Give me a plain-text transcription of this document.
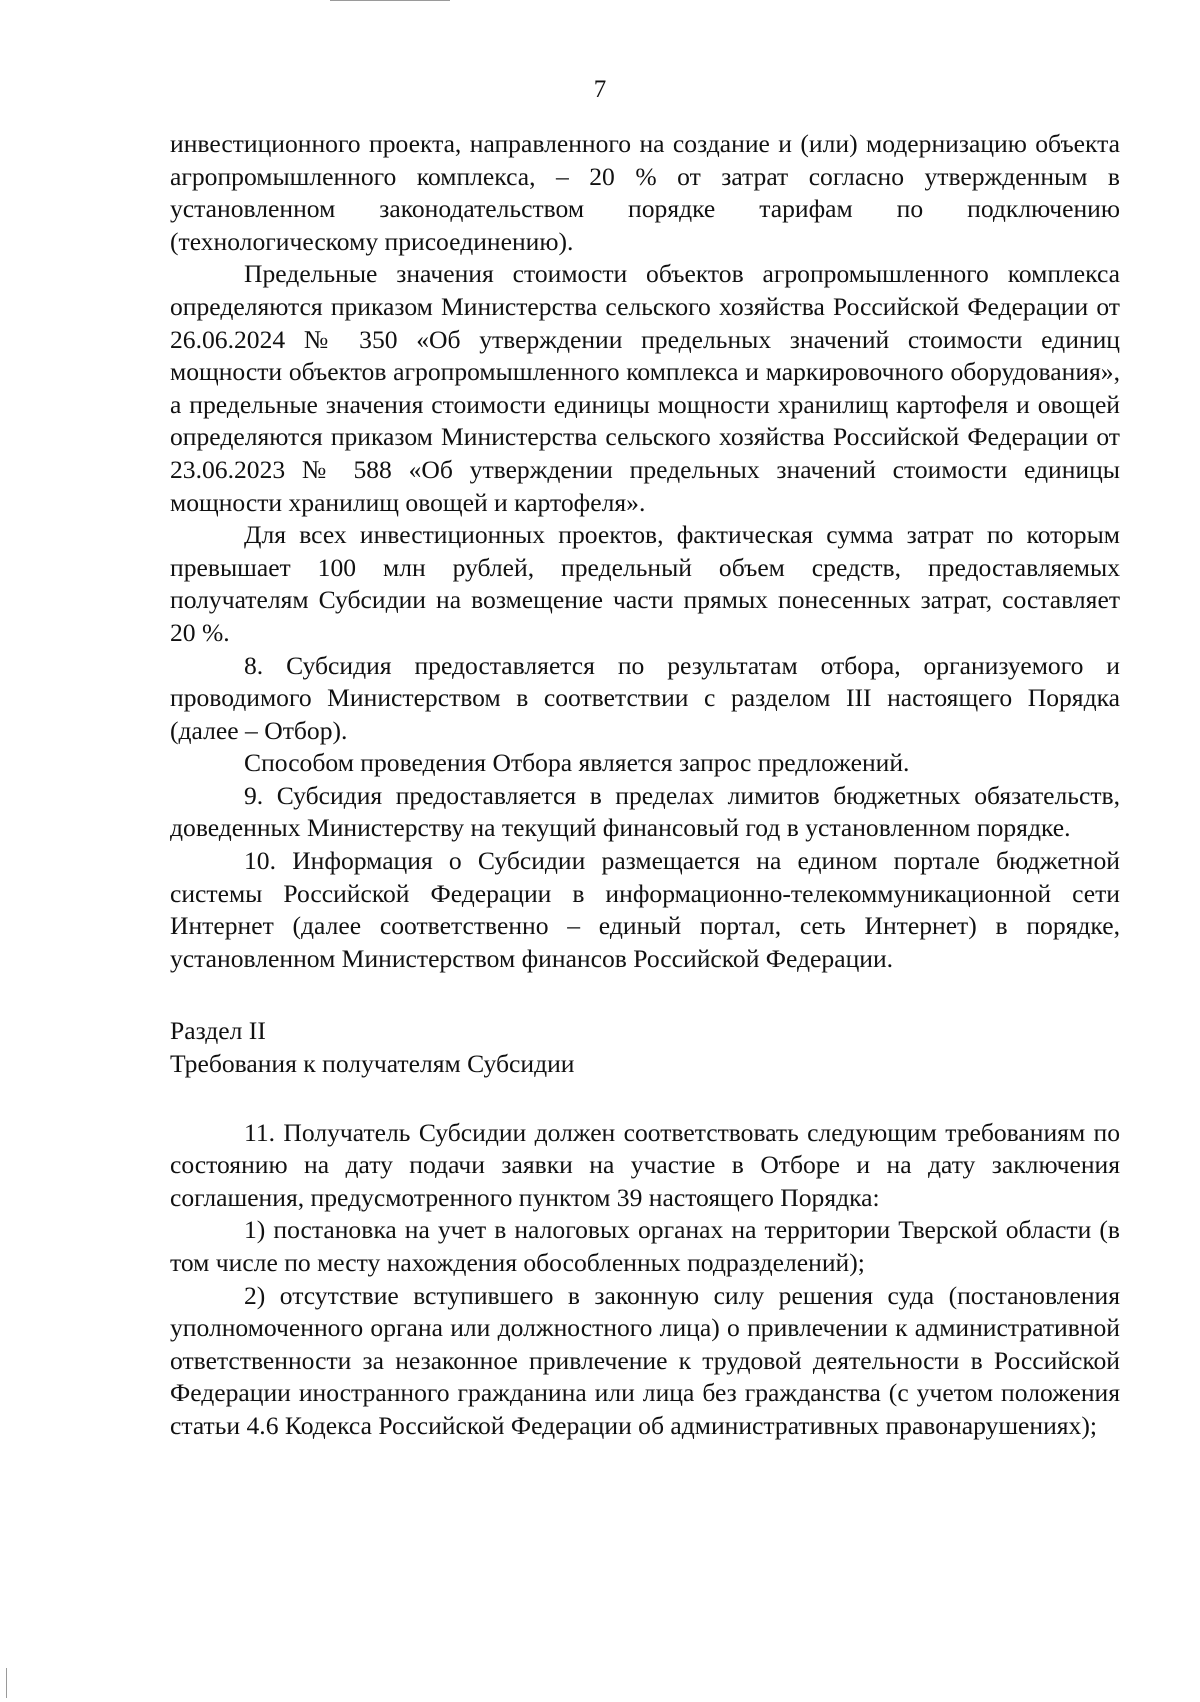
7

инвестиционного проекта, направленного на создание и (или) модернизацию объекта агропромышленного комплекса, – 20 % от затрат согласно утвержденным в установленном законодательством порядке тарифам по подключению (технологическому присоединению).

Предельные значения стоимости объектов агропромышленного комплекса определяются приказом Министерства сельского хозяйства Российской Федерации от 26.06.2024 № 350 «Об утверждении предельных значений стоимости единиц мощности объектов агропромышленного комплекса и маркировочного оборудования», а предельные значения стоимости единицы мощности хранилищ картофеля и овощей определяются приказом Министерства сельского хозяйства Российской Федерации от 23.06.2023 № 588 «Об утверждении предельных значений стоимости единицы мощности хранилищ овощей и картофеля».

Для всех инвестиционных проектов, фактическая сумма затрат по которым превышает 100 млн рублей, предельный объем средств, предоставляемых получателям Субсидии на возмещение части прямых понесенных затрат, составляет 20 %.

8. Субсидия предоставляется по результатам отбора, организуемого и проводимого Министерством в соответствии с разделом III настоящего Порядка (далее – Отбор).

Способом проведения Отбора является запрос предложений.

9. Субсидия предоставляется в пределах лимитов бюджетных обязательств, доведенных Министерству на текущий финансовый год в установленном порядке.

10. Информация о Субсидии размещается на едином портале бюджетной системы Российской Федерации в информационно-телекоммуникационной сети Интернет (далее соответственно – единый портал, сеть Интернет) в порядке, установленном Министерством финансов Российской Федерации.

Раздел II

Требования к получателям Субсидии

11. Получатель Субсидии должен соответствовать следующим требованиям по состоянию на дату подачи заявки на участие в Отборе и на дату заключения соглашения, предусмотренного пунктом 39 настоящего Порядка:

1) постановка на учет в налоговых органах на территории Тверской области (в том числе по месту нахождения обособленных подразделений);

2) отсутствие вступившего в законную силу решения суда (постановления уполномоченного органа или должностного лица) о привлечении к административной ответственности за незаконное привлечение к трудовой деятельности в Российской Федерации иностранного гражданина или лица без гражданства (с учетом положения статьи 4.6 Кодекса Российской Федерации об административных правонарушениях);
